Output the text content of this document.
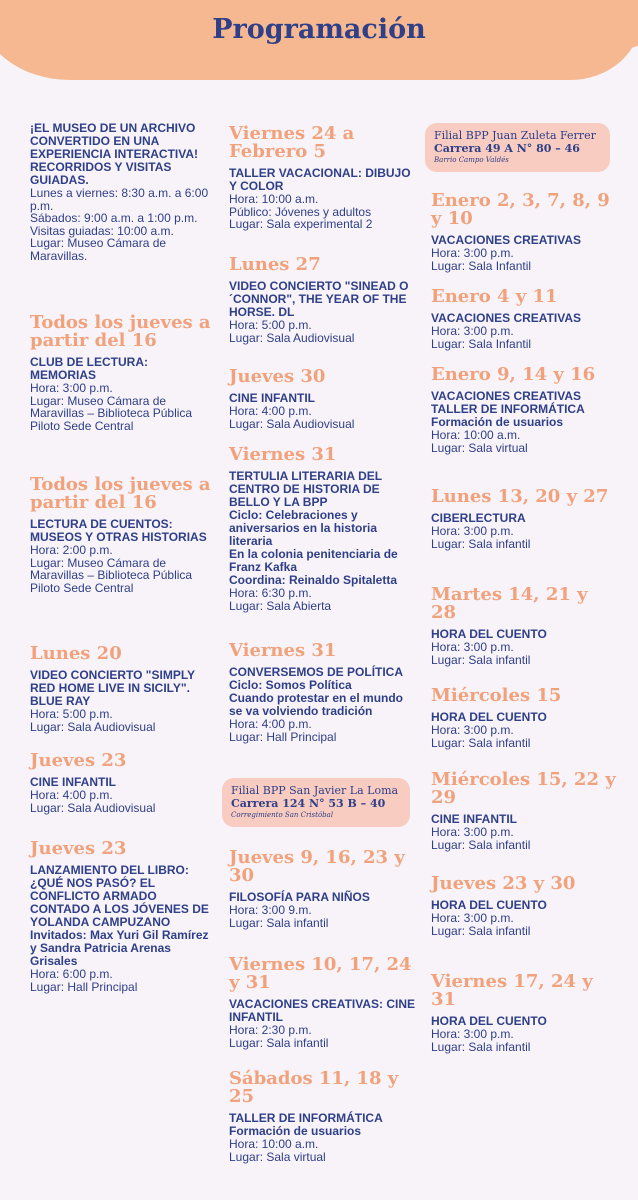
Programación
¡EL MUSEO DE UN ARCHIVO CONVERTIDO EN UNA EXPERIENCIA INTERACTIVA! RECORRIDOS Y VISITAS GUIADAS.
Lunes a viernes: 8:30 a.m. a 6:00 p.m.
Sábados: 9:00 a.m. a 1:00 p.m.
Visitas guiadas: 10:00 a.m.
Lugar: Museo Cámara de Maravillas.
Todos los jueves a partir del 16
CLUB DE LECTURA: MEMORIAS
Hora: 3:00 p.m.
Lugar: Museo Cámara de Maravillas – Biblioteca Pública Piloto Sede Central
Todos los jueves a partir del 16
LECTURA DE CUENTOS: MUSEOS Y OTRAS HISTORIAS
Hora: 2:00 p.m.
Lugar: Museo Cámara de Maravillas – Biblioteca Pública Piloto Sede Central
Lunes 20
VIDEO CONCIERTO "SIMPLY RED HOME LIVE IN SICILY". BLUE RAY
Hora: 5:00 p.m.
Lugar: Sala Audiovisual
Jueves 23
CINE INFANTIL
Hora: 4:00 p.m.
Lugar: Sala Audiovisual
Jueves 23
LANZAMIENTO DEL LIBRO: ¿QUÉ NOS PASÓ? EL CONFLICTO ARMADO CONTADO A LOS JÓVENES DE YOLANDA CAMPUZANO
Invitados: Max Yuri Gil Ramírez y Sandra Patricia Arenas Grisales
Hora: 6:00 p.m.
Lugar: Hall Principal
Viernes 24 a Febrero 5
TALLER VACACIONAL: DIBUJO Y COLOR
Hora: 10:00 a.m.
Público: Jóvenes y adultos
Lugar: Sala experimental 2
Lunes 27
VIDEO CONCIERTO "SINEAD O´CONNOR", THE YEAR OF THE HORSE. DL
Hora: 5:00 p.m.
Lugar: Sala Audiovisual
Jueves 30
CINE INFANTIL
Hora: 4:00 p.m.
Lugar: Sala Audiovisual
Viernes 31
TERTULIA LITERARIA DEL CENTRO DE HISTORIA DE BELLO Y LA BPP
Ciclo: Celebraciones y aniversarios en la historia literaria
En la colonia penitenciaria de Franz Kafka
Coordina: Reinaldo Spitaletta
Hora: 6:30 p.m.
Lugar: Sala Abierta
Viernes 31
CONVERSEMOS DE POLÍTICA
Ciclo: Somos Política
Cuando protestar en el mundo se va volviendo tradición
Hora: 4:00 p.m.
Lugar: Hall Principal
Jueves 9, 16, 23 y 30
FILOSOFÍA PARA NIÑOS
Hora: 3:00 9.m.
Lugar: Sala infantil
Viernes 10, 17, 24 y 31
VACACIONES CREATIVAS: CINE INFANTIL
Hora: 2:30 p.m.
Lugar: Sala infantil
Sábados 11, 18 y 25
TALLER DE INFORMÁTICA
Formación de usuarios
Hora: 10:00 a.m.
Lugar: Sala virtual
Filial BPP San Javier La Loma
Carrera 124 N° 53 B – 40
Corregimiento San Cristóbal
Filial BPP Juan Zuleta Ferrer
Carrera 49 A N° 80 – 46
Barrio Campo Valdés
Enero 2, 3, 7, 8, 9 y 10
VACACIONES CREATIVAS
Hora: 3:00 p.m.
Lugar: Sala Infantil
Enero 4 y 11
VACACIONES CREATIVAS
Hora: 3:00 p.m.
Lugar: Sala Infantil
Enero 9, 14 y 16
VACACIONES CREATIVAS
TALLER DE INFORMÁTICA
Formación de usuarios
Hora: 10:00 a.m.
Lugar: Sala virtual
Lunes 13, 20 y 27
CIBERLECTURA
Hora: 3:00 p.m.
Lugar: Sala infantil
Martes 14, 21 y 28
HORA DEL CUENTO
Hora: 3:00 p.m.
Lugar: Sala infantil
Miércoles 15
HORA DEL CUENTO
Hora: 3:00 p.m.
Lugar: Sala infantil
Miércoles 15, 22 y 29
CINE INFANTIL
Hora: 3:00 p.m.
Lugar: Sala infantil
Jueves 23 y 30
HORA DEL CUENTO
Hora: 3:00 p.m.
Lugar: Sala infantil
Viernes 17, 24 y 31
HORA DEL CUENTO
Hora: 3:00 p.m.
Lugar: Sala infantil
